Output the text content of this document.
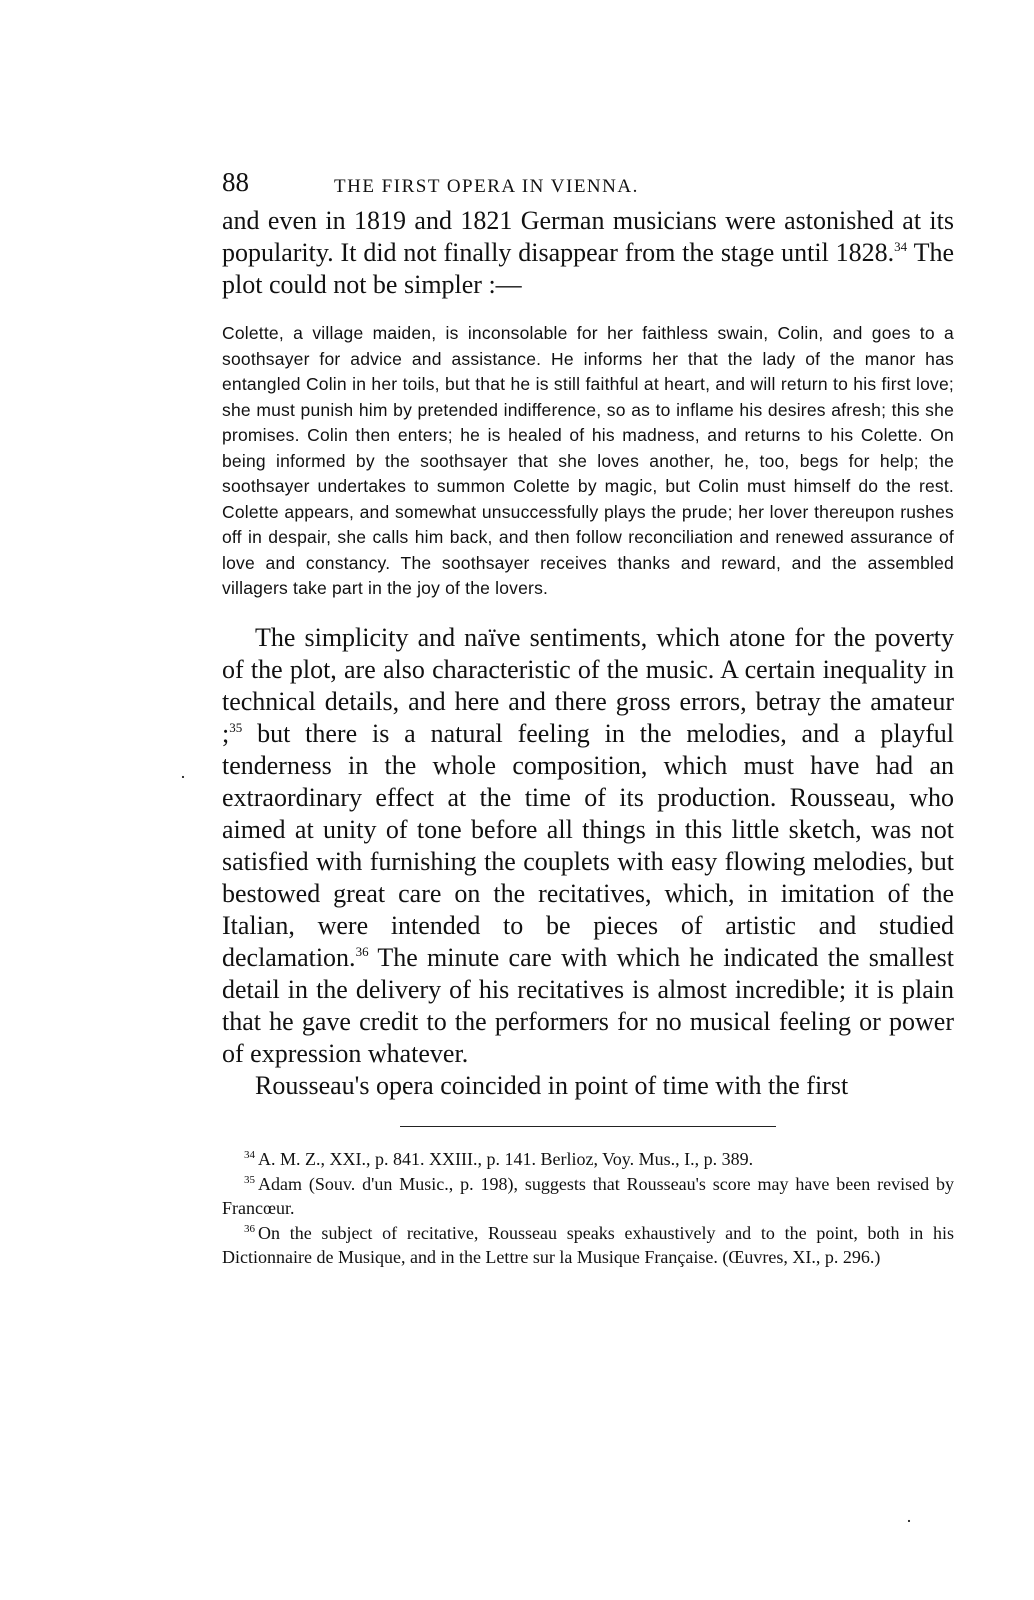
88	THE FIRST OPERA IN VIENNA.

and even in 1819 and 1821 German musicians were astonished at its popularity. It did not finally disappear from the stage until 1828.34 The plot could not be simpler :—

Colette, a village maiden, is inconsolable for her faithless swain, Colin, and goes to a soothsayer for advice and assistance. He informs her that the lady of the manor has entangled Colin in her toils, but that he is still faithful at heart, and will return to his first love; she must punish him by pretended indifference, so as to inflame his desires afresh; this she promises. Colin then enters; he is healed of his madness, and returns to his Colette. On being informed by the soothsayer that she loves another, he, too, begs for help; the soothsayer undertakes to summon Colette by magic, but Colin must himself do the rest. Colette appears, and somewhat unsuccessfully plays the prude; her lover thereupon rushes off in despair, she calls him back, and then follow reconciliation and renewed assurance of love and constancy. The soothsayer receives thanks and reward, and the assembled villagers take part in the joy of the lovers.

The simplicity and naïve sentiments, which atone for the poverty of the plot, are also characteristic of the music. A certain inequality in technical details, and here and there gross errors, betray the amateur ;$^{35}$ but there is a natural feeling in the melodies, and a playful tenderness in the whole composition, which must have had an extraordinary effect at the time of its production. Rousseau, who aimed at unity of tone before all things in this little sketch, was not satisfied with furnishing the couplets with easy flowing melodies, but bestowed great care on the recitatives, which, in imitation of the Italian, were intended to be pieces of artistic and studied declamation.$^{36}$ The minute care with which he indicated the smallest detail in the delivery of his recitatives is almost incredible; it is plain that he gave credit to the performers for no musical feeling or power of expression whatever.

Rousseau's opera coincided in point of time with the first

$^{34}$ A. M. Z., XXI., p. 841. XXIII., p. 141. Berlioz, Voy. Mus., I., p. 389.

$^{35}$ Adam (Souv. d'un Music., p. 198), suggests that Rousseau's score may have been revised by Francœur.

$^{36}$ On the subject of recitative, Rousseau speaks exhaustively and to the point, both in his Dictionnaire de Musique, and in the Lettre sur la Musique Française. (Œuvres, XI., p. 296.)

·
·
